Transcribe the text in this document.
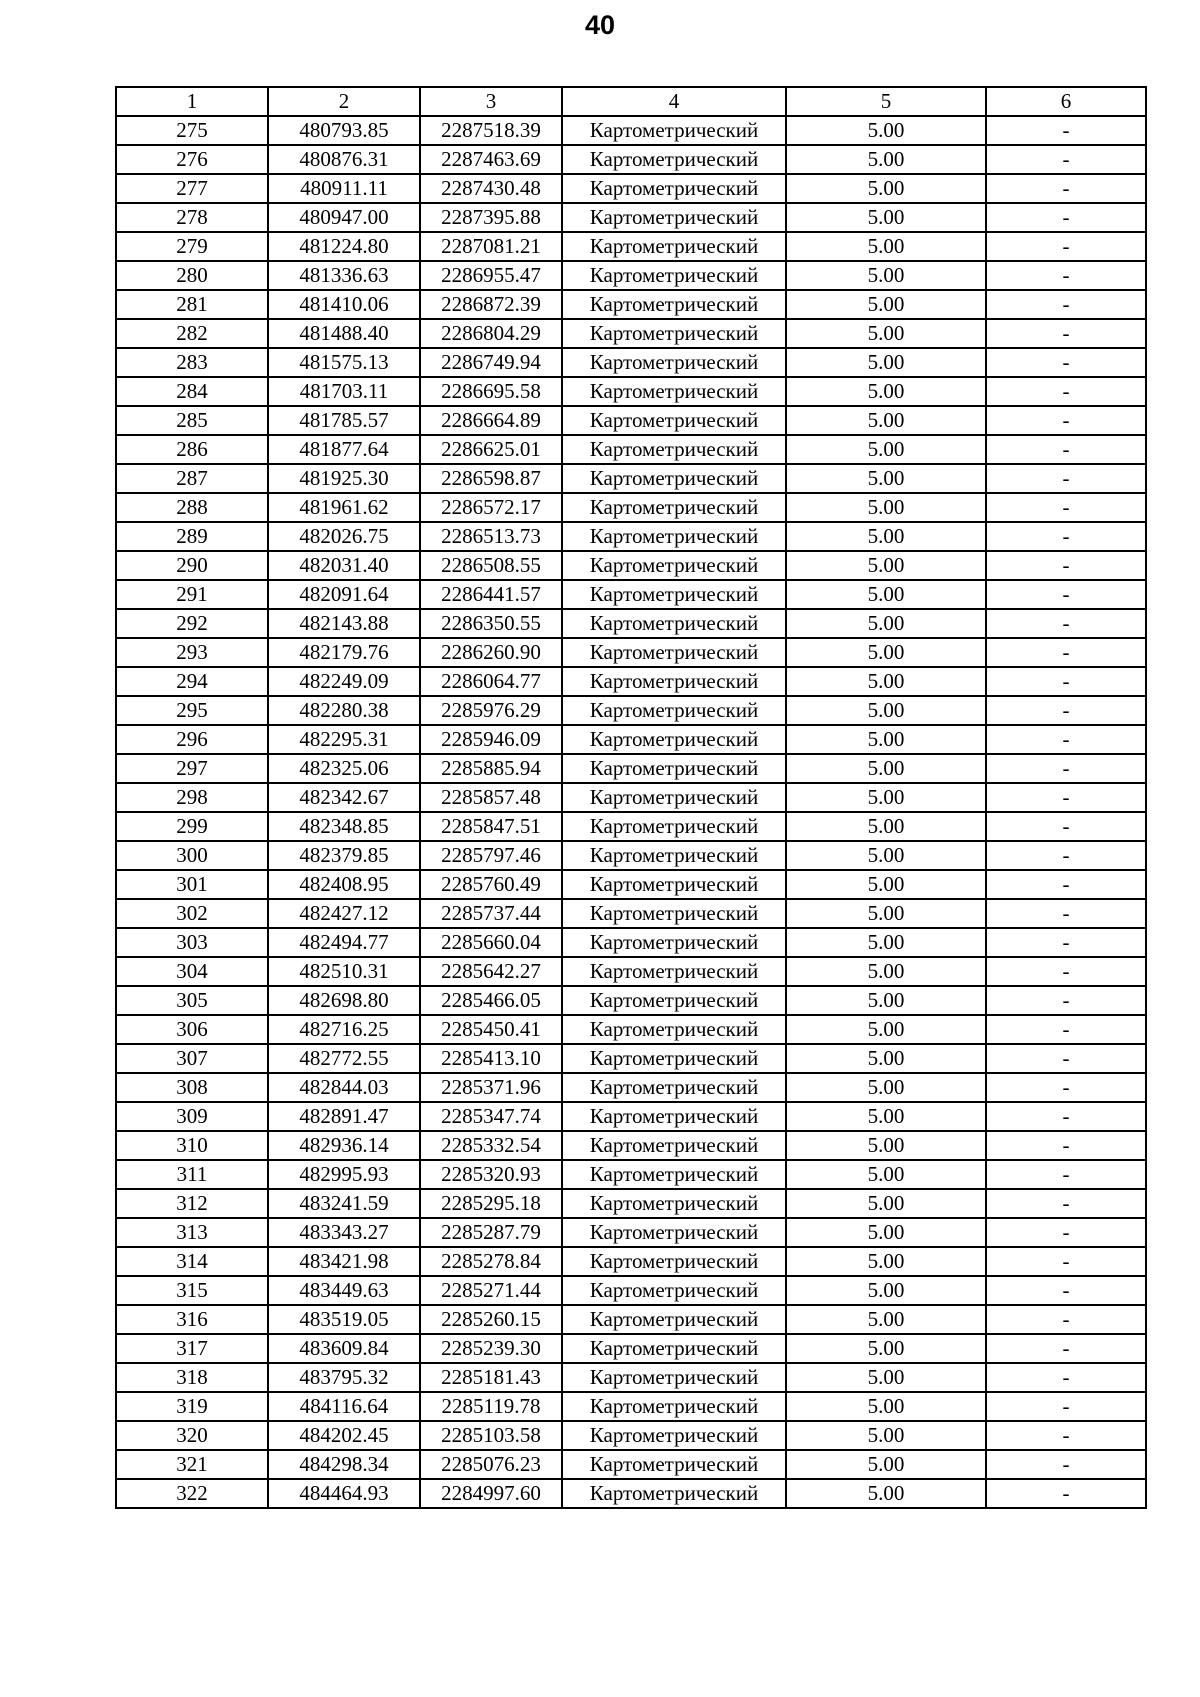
40
1	2	3	4	5	6
275	480793.85	2287518.39	Картометрический	5.00	-
276	480876.31	2287463.69	Картометрический	5.00	-
277	480911.11	2287430.48	Картометрический	5.00	-
278	480947.00	2287395.88	Картометрический	5.00	-
279	481224.80	2287081.21	Картометрический	5.00	-
280	481336.63	2286955.47	Картометрический	5.00	-
281	481410.06	2286872.39	Картометрический	5.00	-
282	481488.40	2286804.29	Картометрический	5.00	-
283	481575.13	2286749.94	Картометрический	5.00	-
284	481703.11	2286695.58	Картометрический	5.00	-
285	481785.57	2286664.89	Картометрический	5.00	-
286	481877.64	2286625.01	Картометрический	5.00	-
287	481925.30	2286598.87	Картометрический	5.00	-
288	481961.62	2286572.17	Картометрический	5.00	-
289	482026.75	2286513.73	Картометрический	5.00	-
290	482031.40	2286508.55	Картометрический	5.00	-
291	482091.64	2286441.57	Картометрический	5.00	-
292	482143.88	2286350.55	Картометрический	5.00	-
293	482179.76	2286260.90	Картометрический	5.00	-
294	482249.09	2286064.77	Картометрический	5.00	-
295	482280.38	2285976.29	Картометрический	5.00	-
296	482295.31	2285946.09	Картометрический	5.00	-
297	482325.06	2285885.94	Картометрический	5.00	-
298	482342.67	2285857.48	Картометрический	5.00	-
299	482348.85	2285847.51	Картометрический	5.00	-
300	482379.85	2285797.46	Картометрический	5.00	-
301	482408.95	2285760.49	Картометрический	5.00	-
302	482427.12	2285737.44	Картометрический	5.00	-
303	482494.77	2285660.04	Картометрический	5.00	-
304	482510.31	2285642.27	Картометрический	5.00	-
305	482698.80	2285466.05	Картометрический	5.00	-
306	482716.25	2285450.41	Картометрический	5.00	-
307	482772.55	2285413.10	Картометрический	5.00	-
308	482844.03	2285371.96	Картометрический	5.00	-
309	482891.47	2285347.74	Картометрический	5.00	-
310	482936.14	2285332.54	Картометрический	5.00	-
311	482995.93	2285320.93	Картометрический	5.00	-
312	483241.59	2285295.18	Картометрический	5.00	-
313	483343.27	2285287.79	Картометрический	5.00	-
314	483421.98	2285278.84	Картометрический	5.00	-
315	483449.63	2285271.44	Картометрический	5.00	-
316	483519.05	2285260.15	Картометрический	5.00	-
317	483609.84	2285239.30	Картометрический	5.00	-
318	483795.32	2285181.43	Картометрический	5.00	-
319	484116.64	2285119.78	Картометрический	5.00	-
320	484202.45	2285103.58	Картометрический	5.00	-
321	484298.34	2285076.23	Картометрический	5.00	-
322	484464.93	2284997.60	Картометрический	5.00	-
